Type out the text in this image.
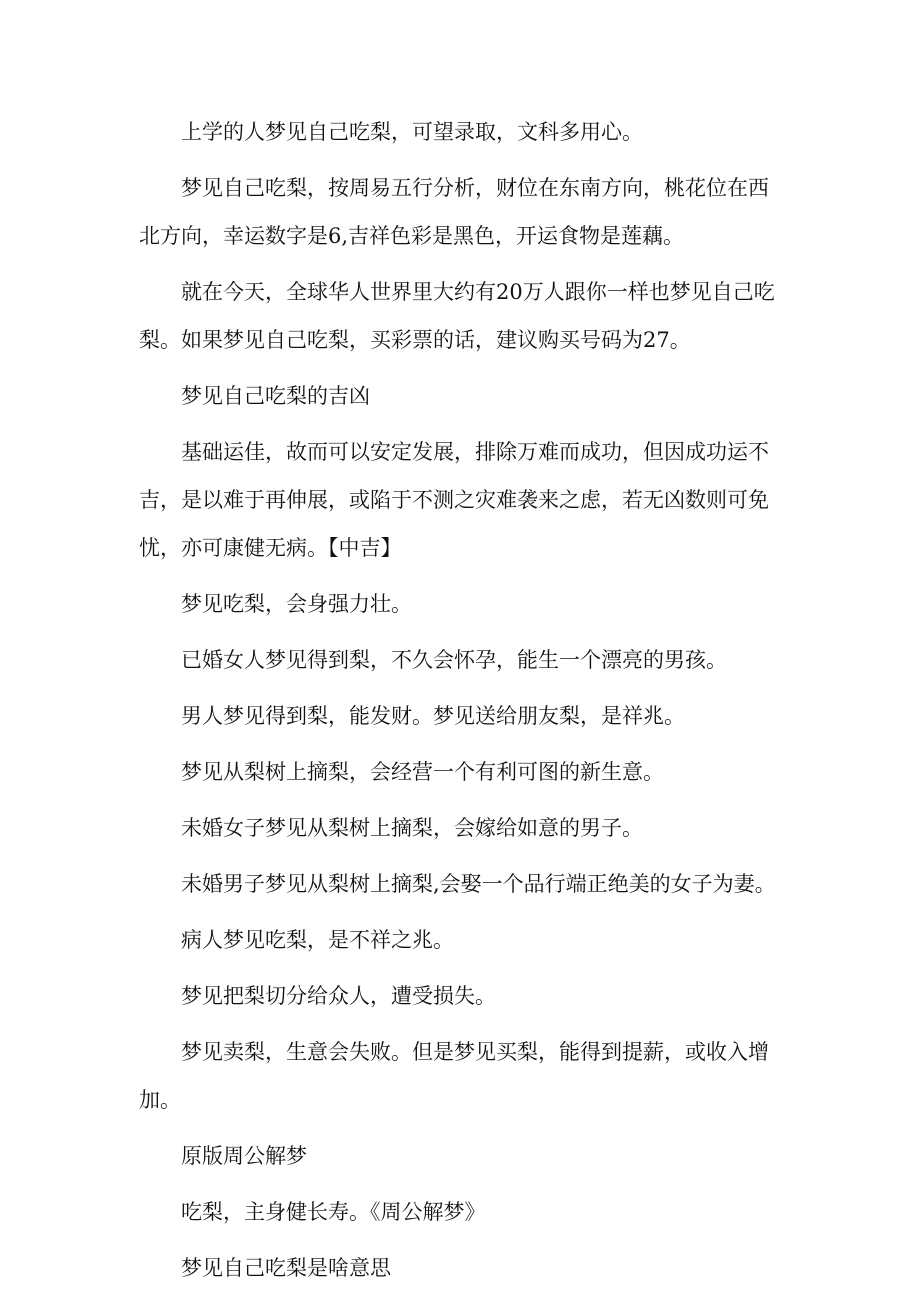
上学的人梦见自己吃梨，可望录取，文科多用心。

梦见自己吃梨，按周易五行分析，财位在东南方向，桃花位在西北方向，幸运数字是6,吉祥色彩是黑色，开运食物是莲藕。

就在今天，全球华人世界里大约有20万人跟你一样也梦见自己吃梨。如果梦见自己吃梨，买彩票的话，建议购买号码为27。

梦见自己吃梨的吉凶

基础运佳，故而可以安定发展，排除万难而成功，但因成功运不吉，是以难于再伸展，或陷于不测之灾难袭来之虑，若无凶数则可免忧，亦可康健无病。【中吉】

梦见吃梨，会身强力壮。

已婚女人梦见得到梨，不久会怀孕，能生一个漂亮的男孩。

男人梦见得到梨，能发财。梦见送给朋友梨，是祥兆。

梦见从梨树上摘梨，会经营一个有利可图的新生意。

未婚女子梦见从梨树上摘梨，会嫁给如意的男子。

未婚男子梦见从梨树上摘梨,会娶一个品行端正绝美的女子为妻。

病人梦见吃梨，是不祥之兆。

梦见把梨切分给众人，遭受损失。

梦见卖梨，生意会失败。但是梦见买梨，能得到提薪，或收入增加。

原版周公解梦

吃梨，主身健长寿。《周公解梦》

梦见自己吃梨是啥意思
